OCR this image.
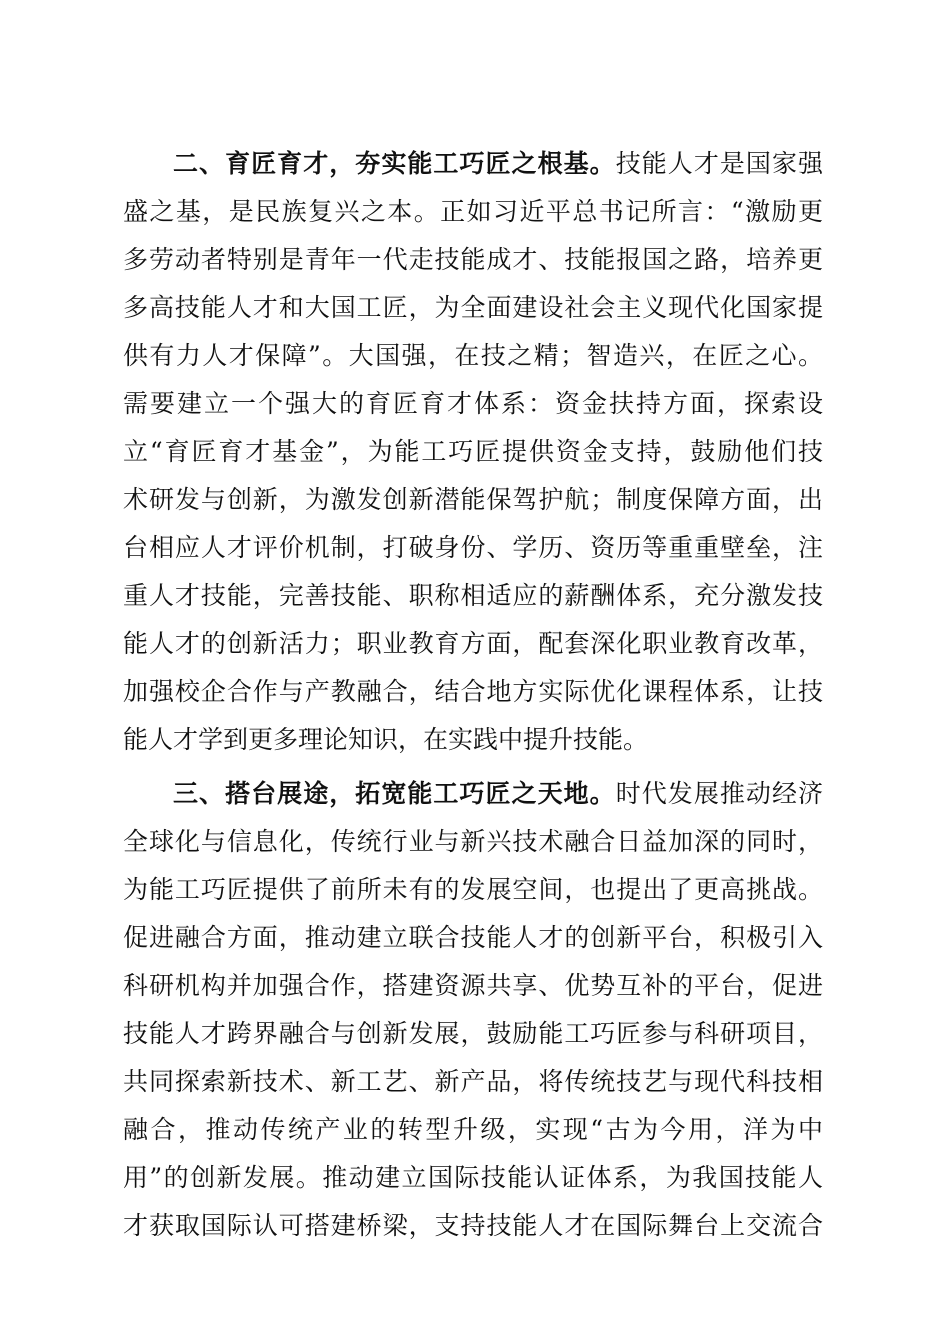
二、育匠育才，夯实能工巧匠之根基。技能人才是国家强
盛之基，是民族复兴之本。正如习近平总书记所言：“激励更
多劳动者特别是青年一代走技能成才、技能报国之路，培养更
多高技能人才和大国工匠，为全面建设社会主义现代化国家提
供有力人才保障”。大国强，在技之精；智造兴，在匠之心。
需要建立一个强大的育匠育才体系：资金扶持方面，探索设
立“育匠育才基金”，为能工巧匠提供资金支持，鼓励他们技
术研发与创新，为激发创新潜能保驾护航；制度保障方面，出
台相应人才评价机制，打破身份、学历、资历等重重壁垒，注
重人才技能，完善技能、职称相适应的薪酬体系，充分激发技
能人才的创新活力；职业教育方面，配套深化职业教育改革，
加强校企合作与产教融合，结合地方实际优化课程体系，让技
能人才学到更多理论知识，在实践中提升技能。
三、搭台展途，拓宽能工巧匠之天地。时代发展推动经济
全球化与信息化，传统行业与新兴技术融合日益加深的同时，
为能工巧匠提供了前所未有的发展空间，也提出了更高挑战。
促进融合方面，推动建立联合技能人才的创新平台，积极引入
科研机构并加强合作，搭建资源共享、优势互补的平台，促进
技能人才跨界融合与创新发展，鼓励能工巧匠参与科研项目，
共同探索新技术、新工艺、新产品，将传统技艺与现代科技相
融合，推动传统产业的转型升级，实现“古为今用，洋为中
用”的创新发展。推动建立国际技能认证体系，为我国技能人
才获取国际认可搭建桥梁，支持技能人才在国际舞台上交流合
